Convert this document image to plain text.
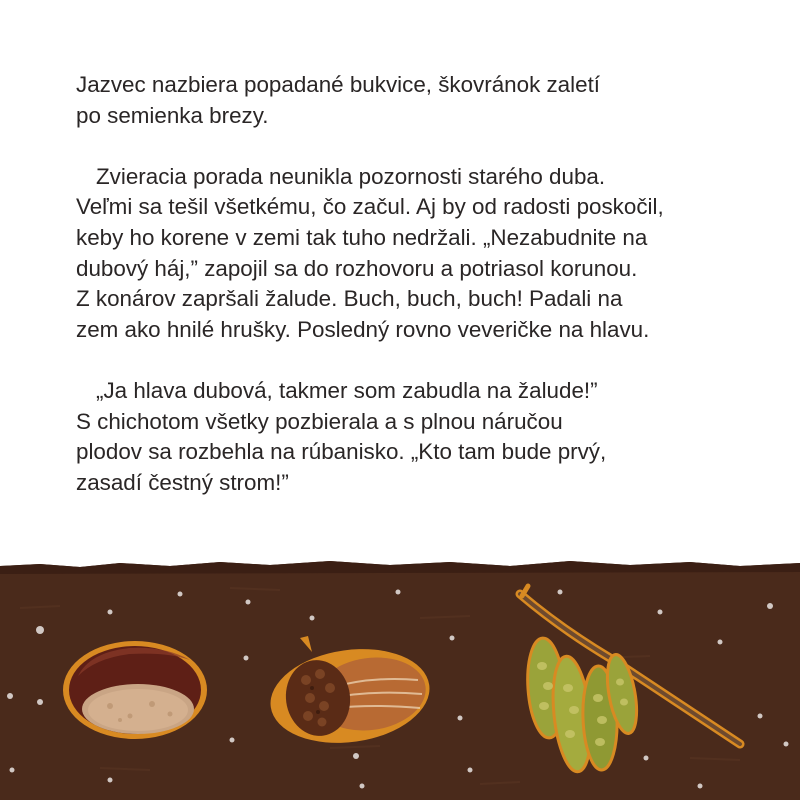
Jazvec nazbiera popadané bukvice, škovránok zaletí
po semienka brezy.

Zvieracia porada neunikla pozornosti starého duba.
Veľmi sa tešil všetkému, čo začul. Aj by od radosti poskočil,
keby ho korene v zemi tak tuho nedržali. „Nezabudnite na
dubový háj,” zapojil sa do rozhovoru a potriasol korunou.
Z konárov zapršali žalude. Buch, buch, buch! Padali na
zem ako hnilé hrušky. Posledný rovno veveričke na hlavu.

„Ja hlava dubová, takmer som zabudla na žalude!”
S chichotom všetky pozbierala a s plnou náručou
plodov sa rozbehla na rúbanisko. „Kto tam bude prvý,
zasadí čestný strom!”
